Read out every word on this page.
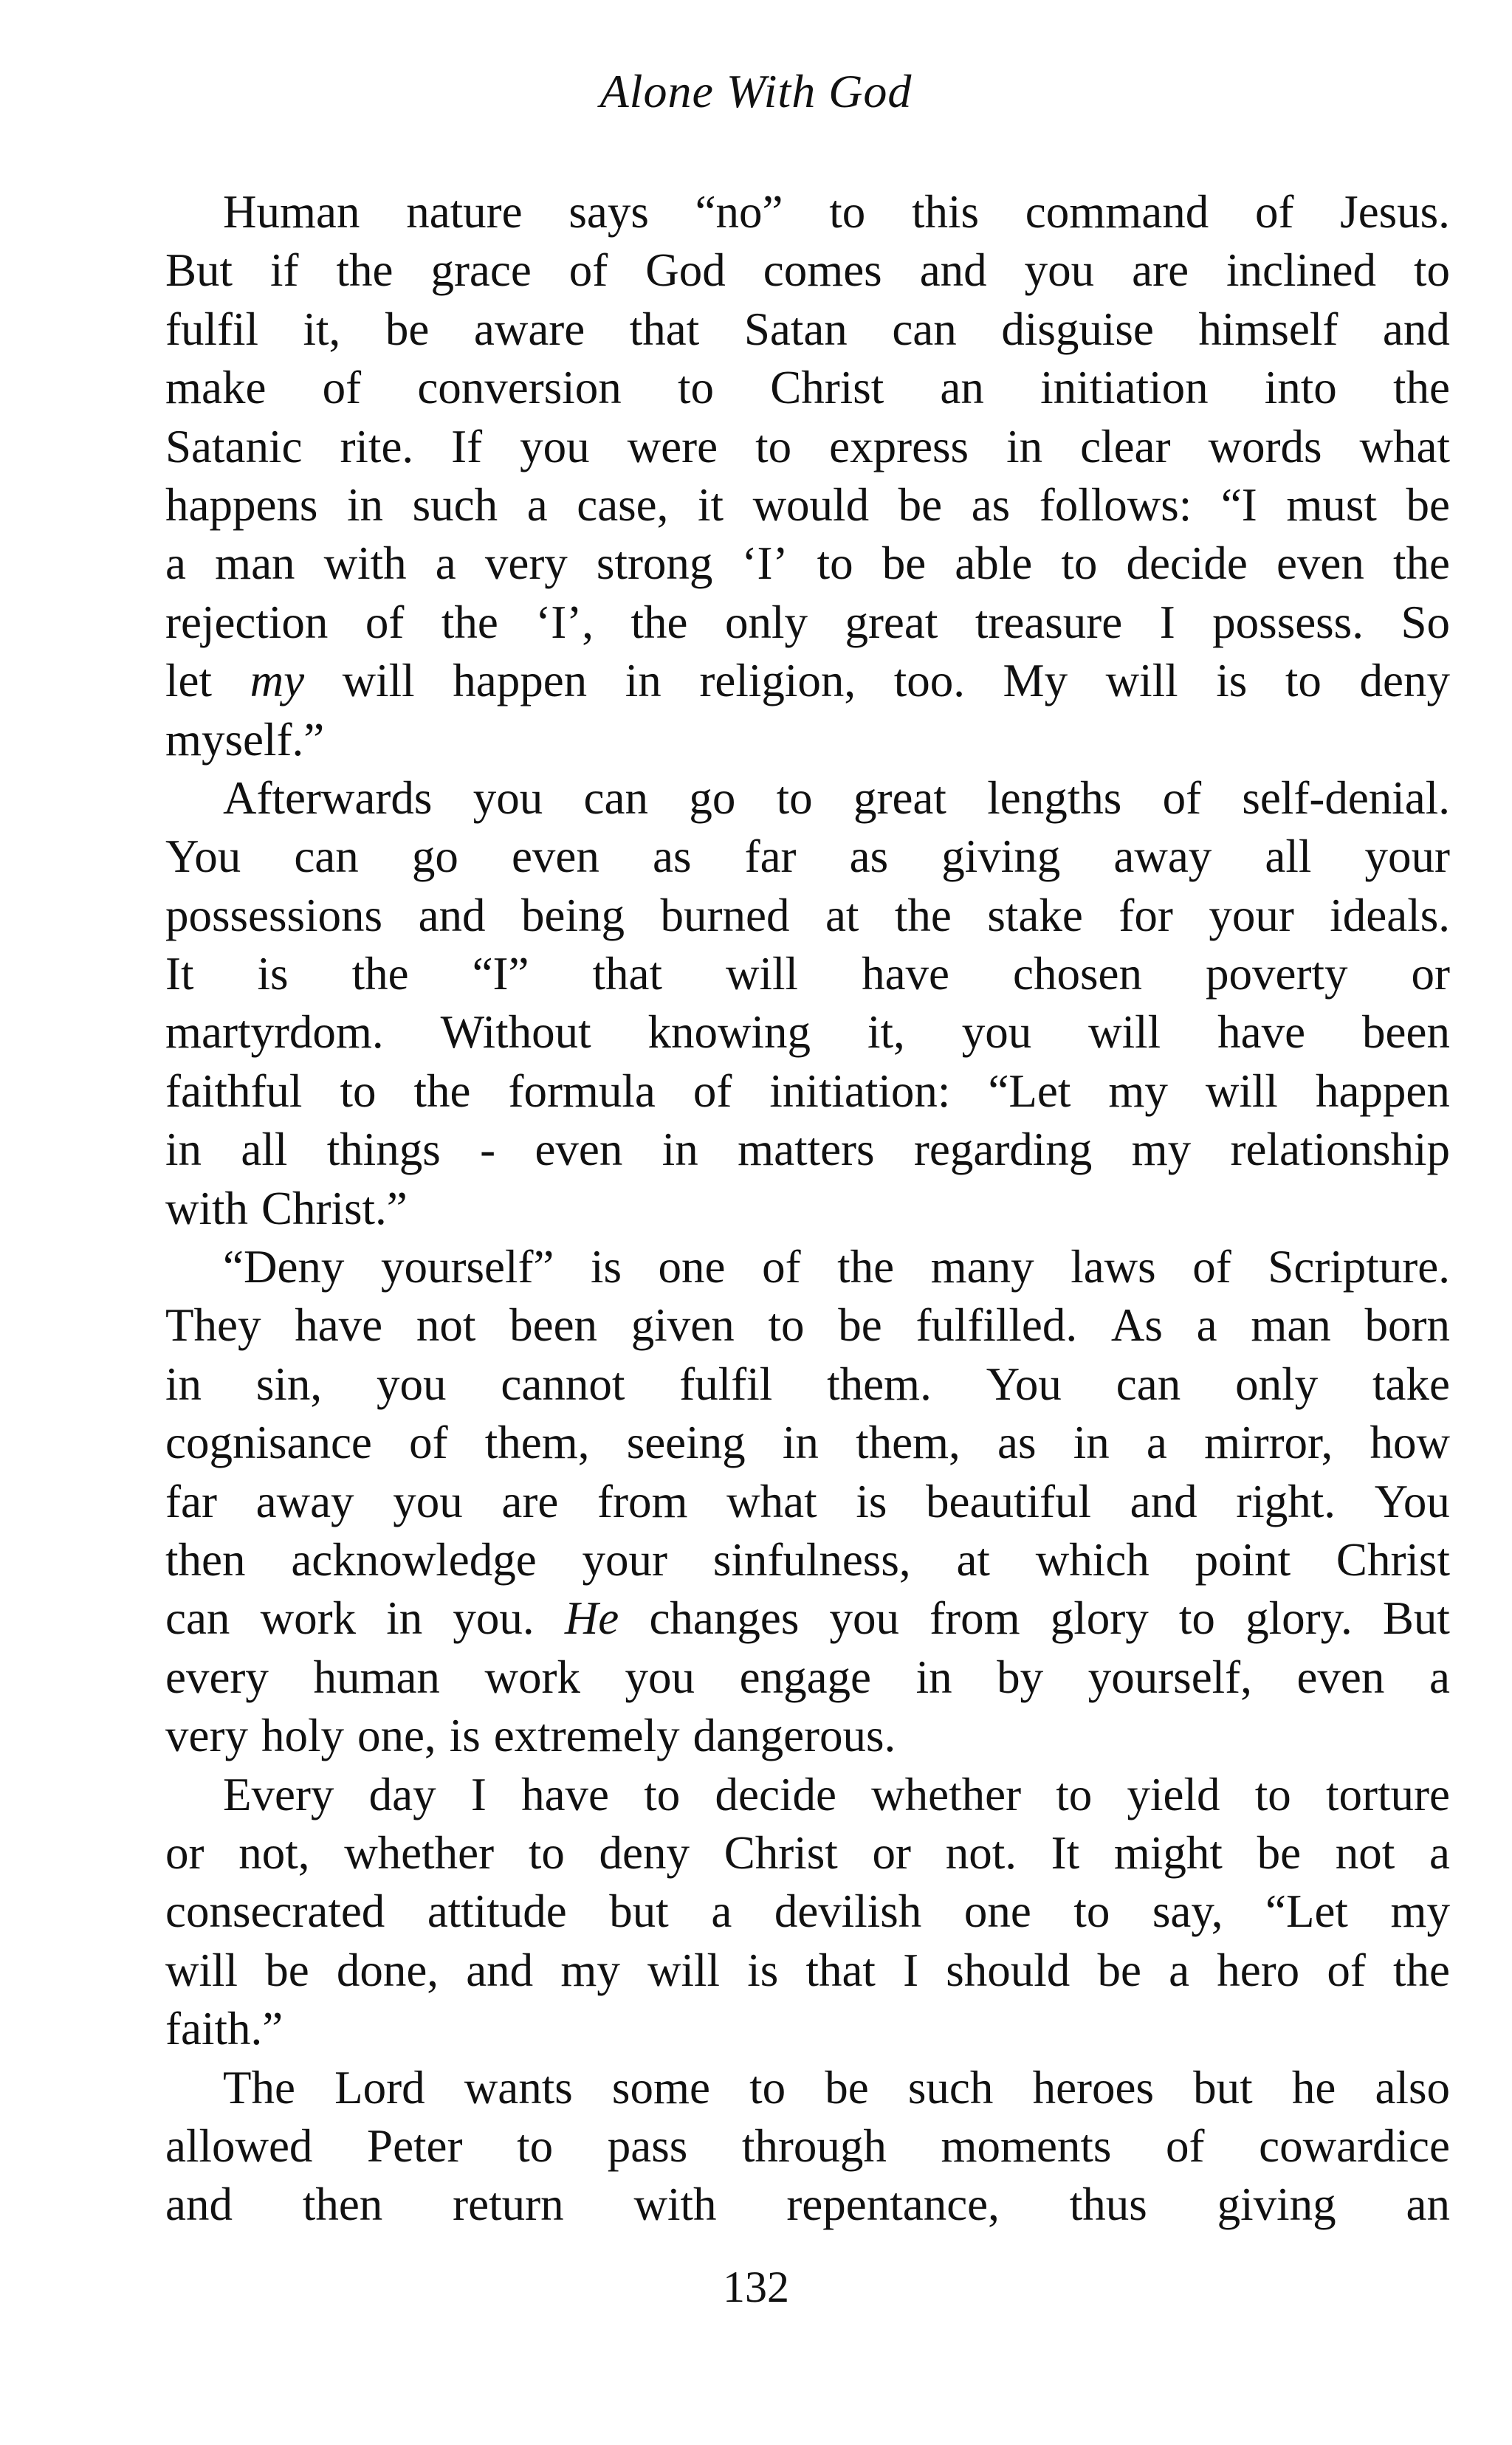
Alone With God
Human nature says “no” to this command of Jesus.
But if the grace of God comes and you are inclined to
fulfil it, be aware that Satan can disguise himself and
make of conversion to Christ an initiation into the
Satanic rite. If you were to express in clear words what
happens in such a case, it would be as follows: “I must be
a man with a very strong ‘I’ to be able to decide even the
rejection of the ‘I’, the only great treasure I possess. So
let my will happen in religion, too. My will is to deny
myself.”
Afterwards you can go to great lengths of self-denial.
You can go even as far as giving away all your
possessions and being burned at the stake for your ideals.
It is the “I” that will have chosen poverty or
martyrdom. Without knowing it, you will have been
faithful to the formula of initiation: “Let my will happen
in all things - even in matters regarding my relationship
with Christ.”
“Deny yourself” is one of the many laws of Scripture.
They have not been given to be fulfilled. As a man born
in sin, you cannot fulfil them. You can only take
cognisance of them, seeing in them, as in a mirror, how
far away you are from what is beautiful and right. You
then acknowledge your sinfulness, at which point Christ
can work in you. He changes you from glory to glory. But
every human work you engage in by yourself, even a
very holy one, is extremely dangerous.
Every day I have to decide whether to yield to torture
or not, whether to deny Christ or not. It might be not a
consecrated attitude but a devilish one to say, “Let my
will be done, and my will is that I should be a hero of the
faith.”
The Lord wants some to be such heroes but he also
allowed Peter to pass through moments of cowardice
and then return with repentance, thus giving an
132
